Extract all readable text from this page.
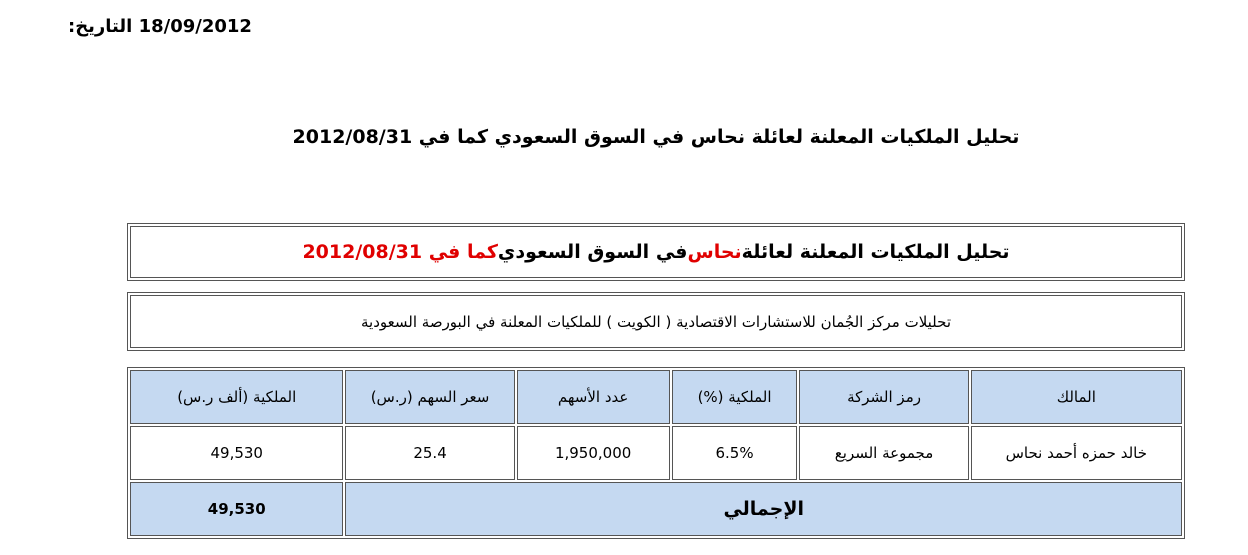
التاريخ: 18/09/2012
تحليل الملكيات المعلنة لعائلة نحاس في السوق السعودي كما في 2012/08/31
تحليل الملكيات المعلنة لعائلة
نحاس
في السوق السعودي
كما في 2012/08/31
تحليلات مركز الجُمان للاستشارات الاقتصادية ( الكويت ) للملكيات المعلنة في البورصة السعودية
المالك	رمز الشركة	الملكية (%)	عدد الأسهم	سعر السهم (ر.س)	الملكية (ألف ر.س)
خالد حمزه أحمد نحاس	مجموعة السريع	6.5%	1,950,000	25.4	49,530
الإجمالي					49,530
